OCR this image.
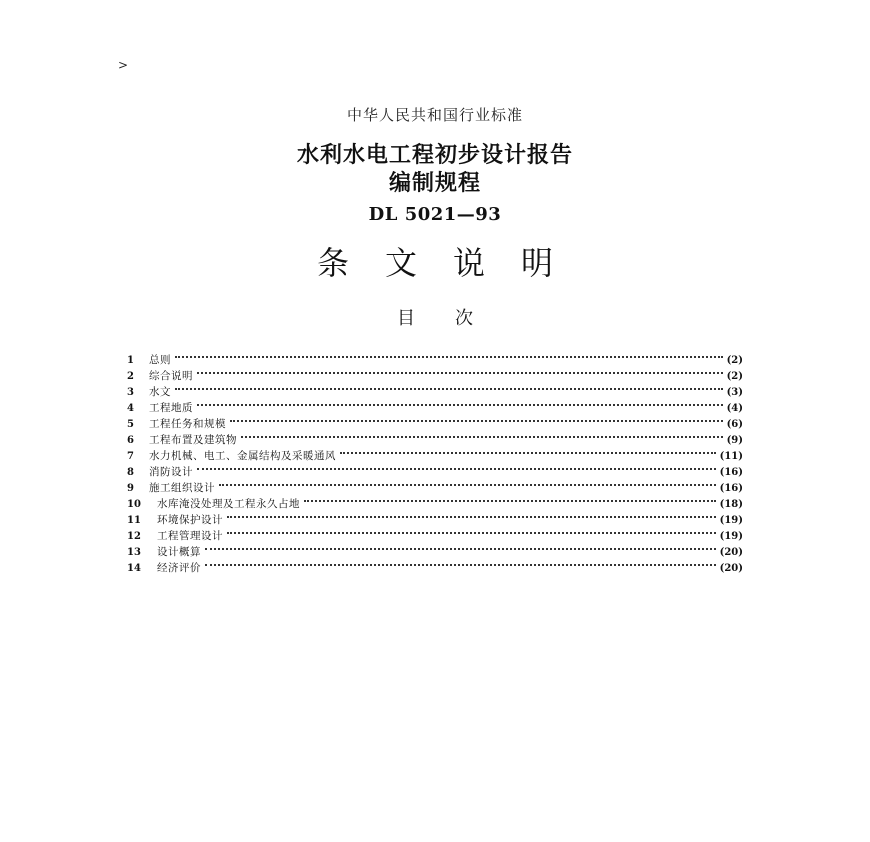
>
中华人民共和国行业标准
水利水电工程初步设计报告
编制规程
DL 5021—93
条文说明
目次
1	总则	(2)
2	综合说明	(2)
3	水文	(3)
4	工程地质	(4)
5	工程任务和规模	(6)
6	工程布置及建筑物	(9)
7	水力机械、电工、金属结构及采暖通风	(11)
8	消防设计	(16)
9	施工组织设计	(16)
10	水库淹没处理及工程永久占地	(18)
11	环境保护设计	(19)
12	工程管理设计	(19)
13	设计概算	(20)
14	经济评价	(20)
